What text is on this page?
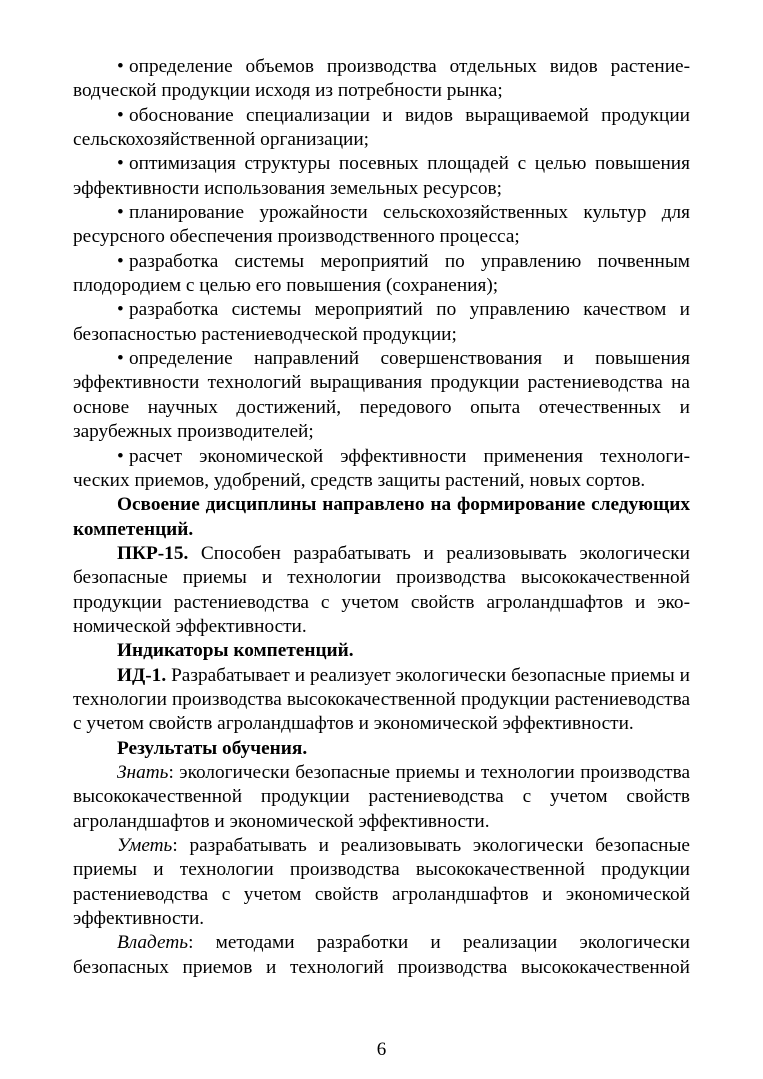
• определение объемов производства отдельных видов растениеводческой продукции исходя из потребности рынка;

• обоснование специализации и видов выращиваемой продукции сельскохозяйственной организации;

• оптимизация структуры посевных площадей с целью повышения эффективности использования земельных ресурсов;

• планирование урожайности сельскохозяйственных культур для ресурсного обеспечения производственного процесса;

• разработка системы мероприятий по управлению почвенным плодородием с целью его повышения (сохранения);

• разработка системы мероприятий по управлению качеством и безопасностью растениеводческой продукции;

• определение направлений совершенствования и повышения эффективности технологий выращивания продукции растениеводства на основе научных достижений, передового опыта отечественных и зарубежных производителей;

• расчет экономической эффективности применения технологических приемов, удобрений, средств защиты растений, новых сортов.

Освоение дисциплины направлено на формирование следующих компетенций.

ПКР-15. Способен разрабатывать и реализовывать экологически безопасные приемы и технологии производства высококачественной продукции растениеводства с учетом свойств агроландшафтов и экономической эффективности.

Индикаторы компетенций.

ИД-1. Разрабатывает и реализует экологически безопасные приемы и технологии производства высококачественной продукции растениеводства с учетом свойств агроландшафтов и экономической эффективности.

Результаты обучения.

Знать: экологически безопасные приемы и технологии производства высококачественной продукции растениеводства с учетом свойств агроландшафтов и экономической эффективности.

Уметь: разрабатывать и реализовывать экологически безопасные приемы и технологии производства высококачественной продукции растениеводства с учетом свойств агроландшафтов и экономической эффективности.

Владеть: методами разработки и реализации экологически безопасных приемов и технологий производства высококачественной

6
